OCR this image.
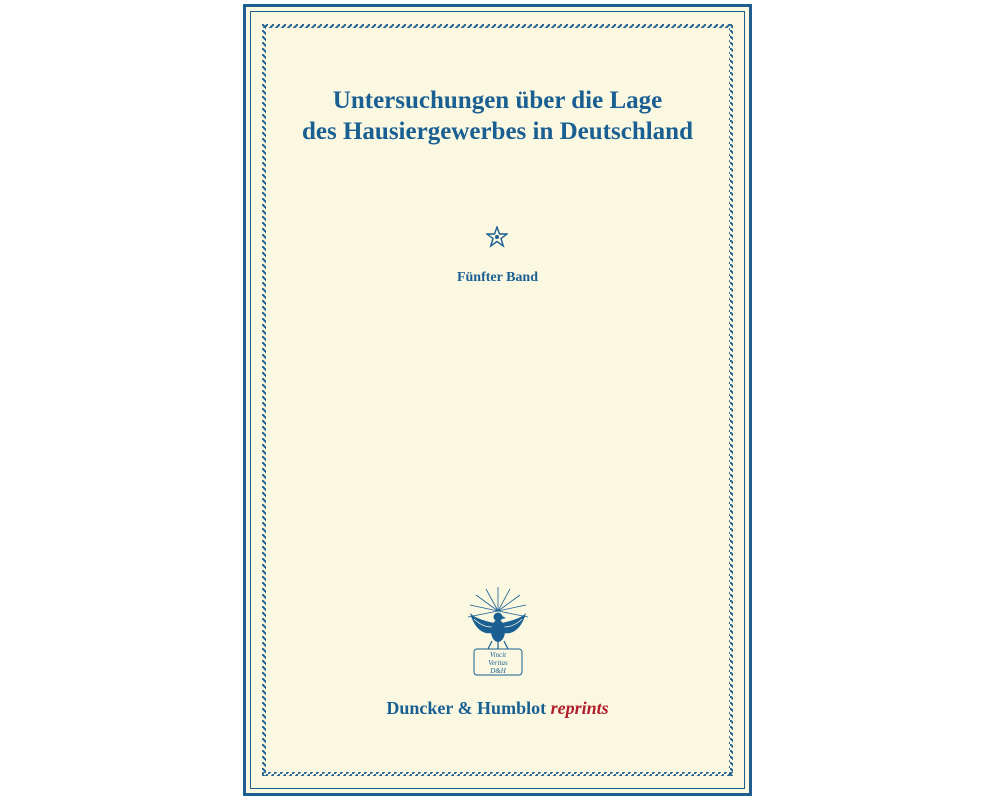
Untersuchungen über die Lage
des Hausiergewerbes in Deutschland
Fünfter Band
Vincit
Veritas
D&H
Duncker & Humblot reprints
